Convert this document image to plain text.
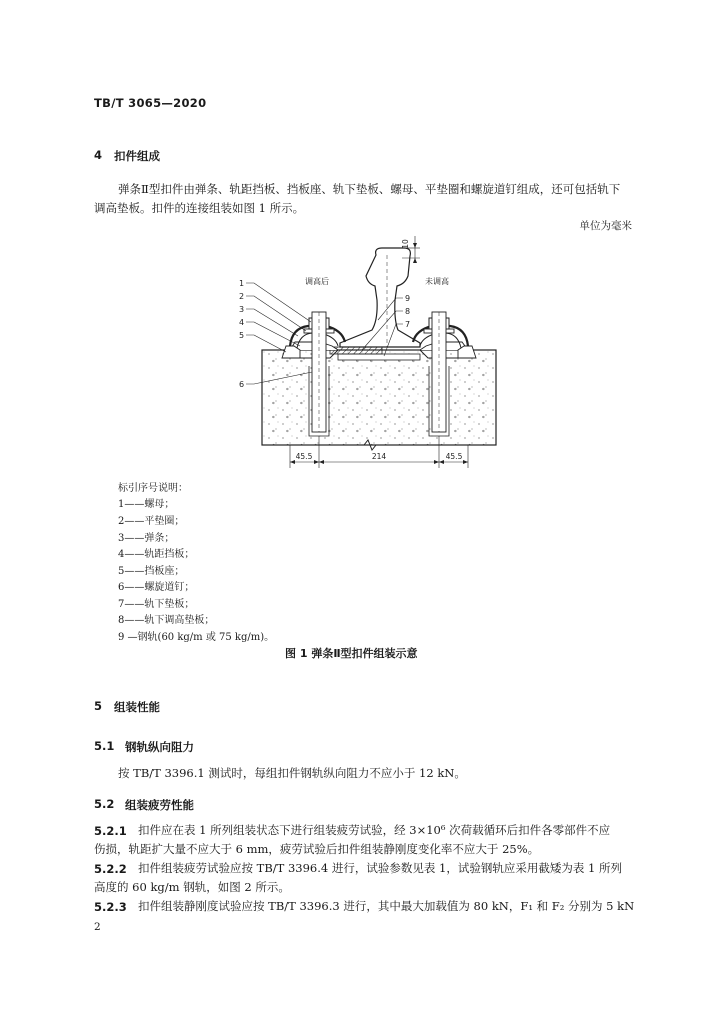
TB/T 3065—2020
4 扣件组成
弹条Ⅱ型扣件由弹条、轨距挡板、挡板座、轨下垫板、螺母、平垫圈和螺旋道钉组成，还可包括轨下
调高垫板。扣件的连接组装如图 1 所示。
单位为毫米
10
调高后	未调高
1
2
3
4
5
6
9
8
7
45.5	214	45.5
标引序号说明：
1——螺母；
2——平垫圈；
3——弹条；
4——轨距挡板；
5——挡板座；
6——螺旋道钉；
7——轨下垫板；
8——轨下调高垫板；
9 —钢轨(60 kg/m 或 75 kg/m)。
图 1 弹条Ⅱ型扣件组装示意
5 组装性能
5.1 钢轨纵向阻力
按 TB/T 3396.1 测试时，每组扣件钢轨纵向阻力不应小于 12 kN。
5.2 组装疲劳性能
5.2.1 扣件应在表 1 所列组装状态下进行组装疲劳试验，经 3×10⁶ 次荷载循环后扣件各零部件不应
伤损，轨距扩大量不应大于 6 mm，疲劳试验后扣件组装静刚度变化率不应大于 25%。
5.2.2 扣件组装疲劳试验应按 TB/T 3396.4 进行，试验参数见表 1，试验钢轨应采用截矮为表 1 所列
高度的 60 kg/m 钢轨，如图 2 所示。
5.2.3 扣件组装静刚度试验应按 TB/T 3396.3 进行，其中最大加载值为 80 kN，F₁ 和 F₂ 分别为 5 kN
2
